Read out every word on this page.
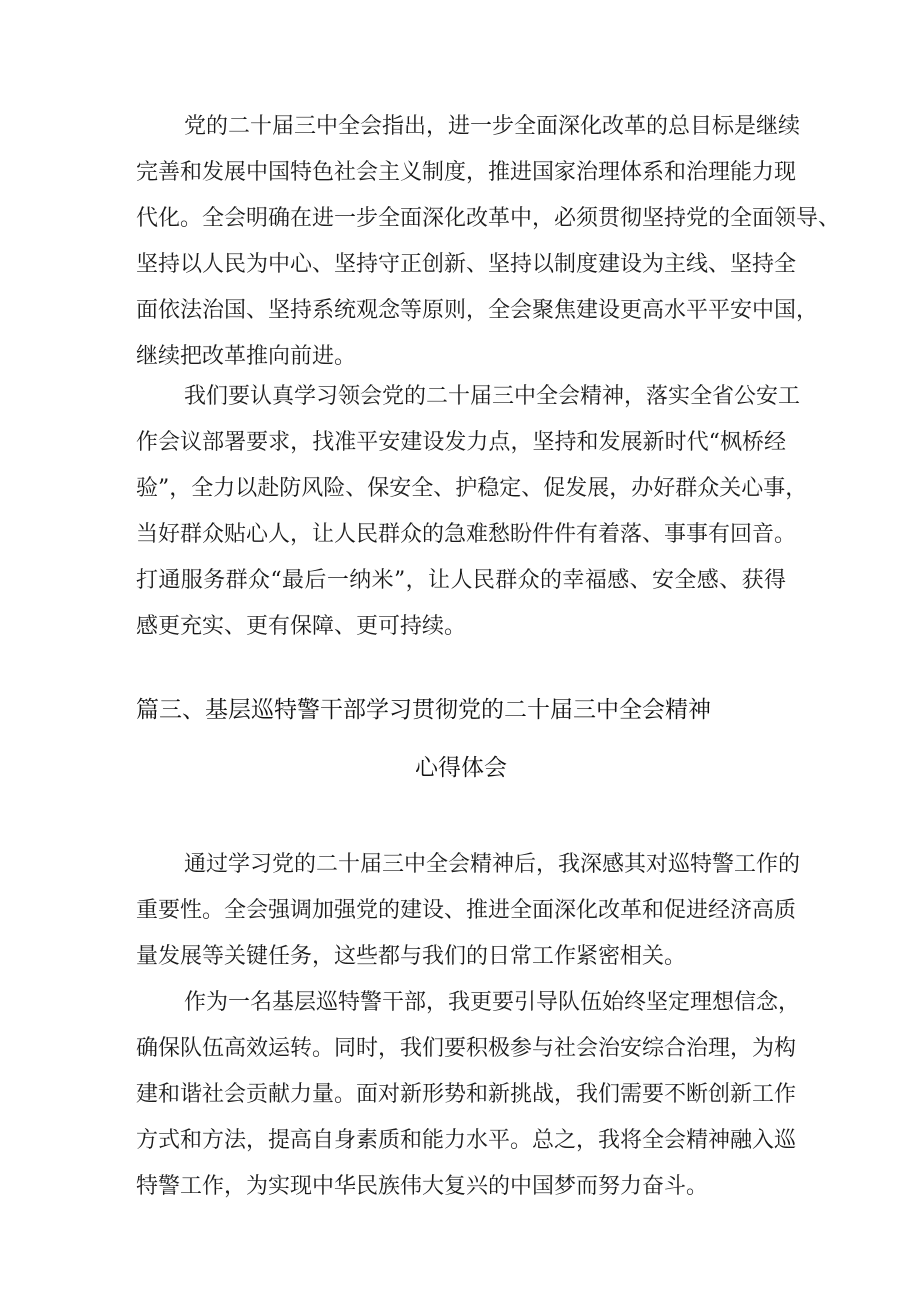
党的二十届三中全会指出，进一步全面深化改革的总目标是继续
完善和发展中国特色社会主义制度，推进国家治理体系和治理能力现
代化。全会明确在进一步全面深化改革中，必须贯彻坚持党的全面领导、
坚持以人民为中心、坚持守正创新、坚持以制度建设为主线、坚持全
面依法治国、坚持系统观念等原则，全会聚焦建设更高水平平安中国，
继续把改革推向前进。
我们要认真学习领会党的二十届三中全会精神，落实全省公安工
作会议部署要求，找准平安建设发力点，坚持和发展新时代“枫桥经
验”，全力以赴防风险、保安全、护稳定、促发展，办好群众关心事，
当好群众贴心人，让人民群众的急难愁盼件件有着落、事事有回音。
打通服务群众“最后一纳米”，让人民群众的幸福感、安全感、获得
感更充实、更有保障、更可持续。
篇三、基层巡特警干部学习贯彻党的二十届三中全会精神
心得体会
通过学习党的二十届三中全会精神后，我深感其对巡特警工作的
重要性。全会强调加强党的建设、推进全面深化改革和促进经济高质
量发展等关键任务，这些都与我们的日常工作紧密相关。
作为一名基层巡特警干部，我更要引导队伍始终坚定理想信念，
确保队伍高效运转。同时，我们要积极参与社会治安综合治理，为构
建和谐社会贡献力量。面对新形势和新挑战，我们需要不断创新工作
方式和方法，提高自身素质和能力水平。总之，我将全会精神融入巡
特警工作，为实现中华民族伟大复兴的中国梦而努力奋斗。
